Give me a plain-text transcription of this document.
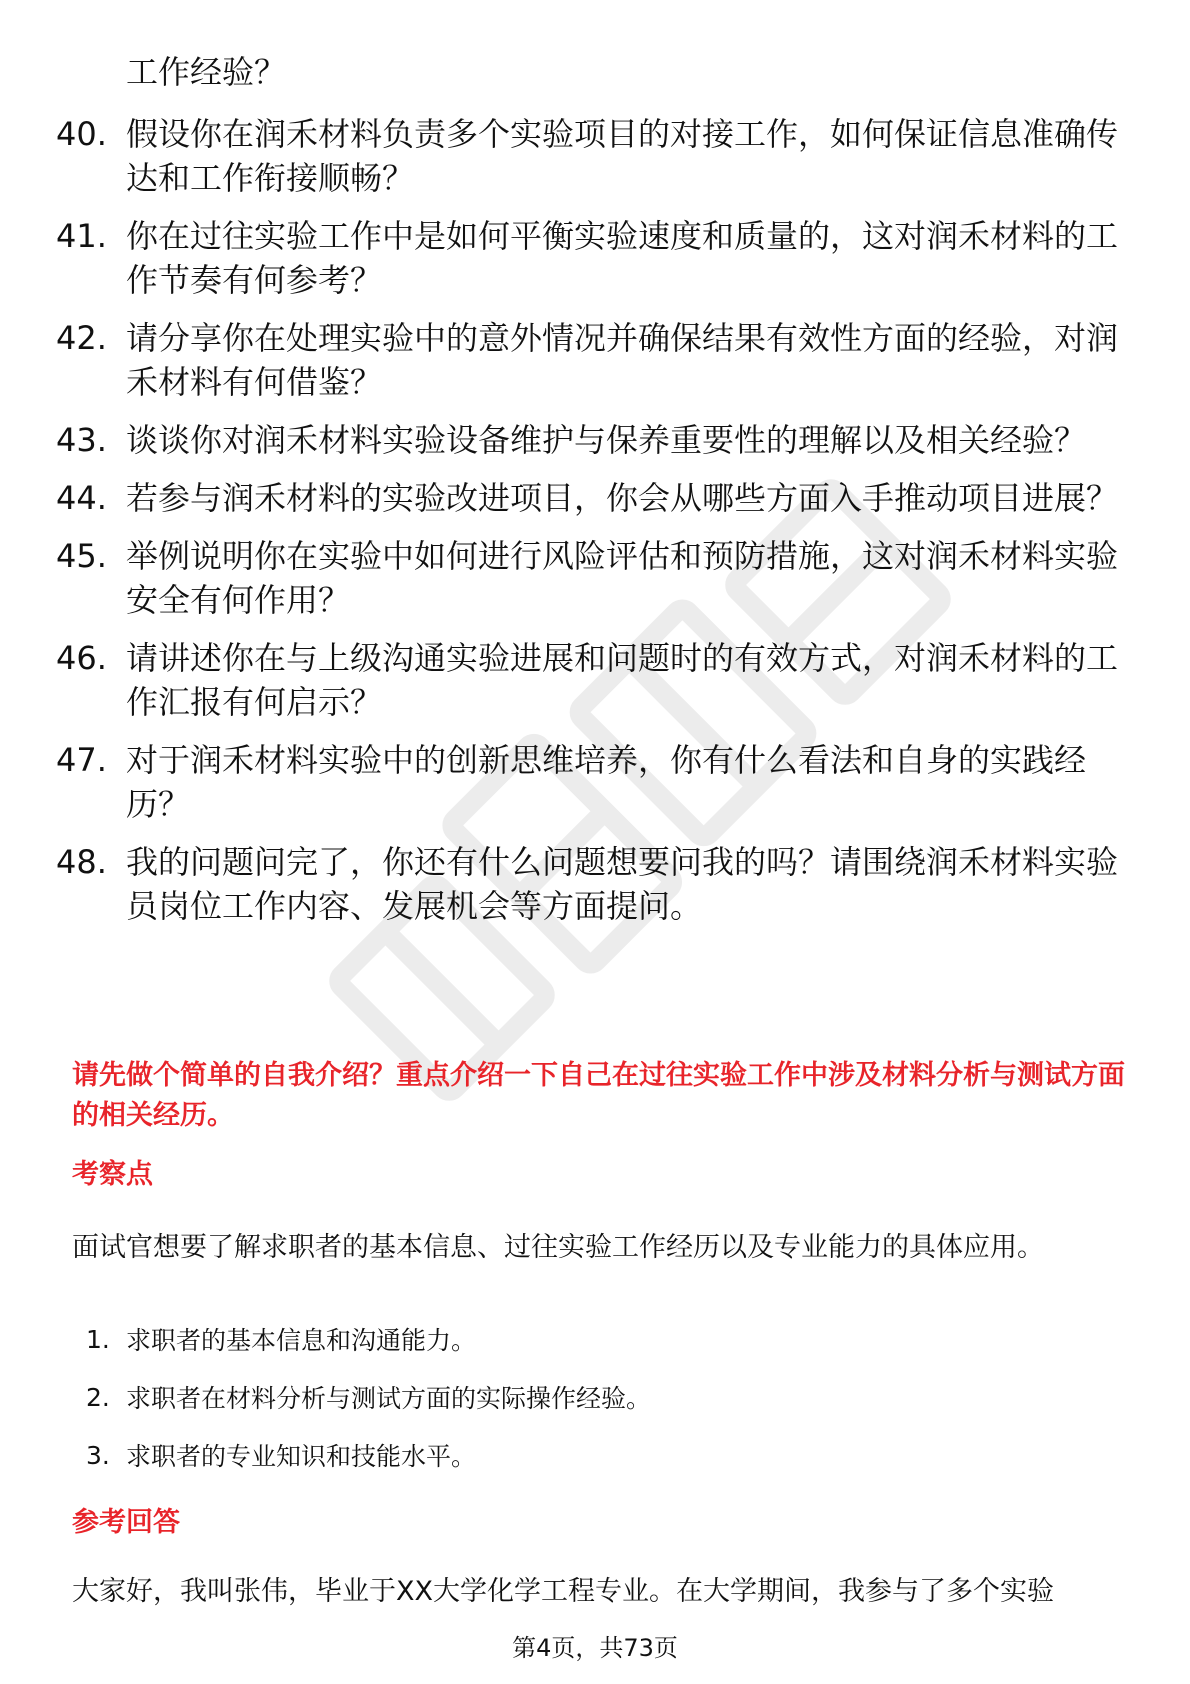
工作经验？
40. 假设你在润禾材料负责多个实验项目的对接工作，如何保证信息准确传达和工作衔接顺畅？
41. 你在过往实验工作中是如何平衡实验速度和质量的，这对润禾材料的工作节奏有何参考？
42. 请分享你在处理实验中的意外情况并确保结果有效性方面的经验，对润禾材料有何借鉴？
43. 谈谈你对润禾材料实验设备维护与保养重要性的理解以及相关经验？
44. 若参与润禾材料的实验改进项目，你会从哪些方面入手推动项目进展？
45. 举例说明你在实验中如何进行风险评估和预防措施，这对润禾材料实验安全有何作用？
46. 请讲述你在与上级沟通实验进展和问题时的有效方式，对润禾材料的工作汇报有何启示？
47. 对于润禾材料实验中的创新思维培养，你有什么看法和自身的实践经历？
48. 我的问题问完了，你还有什么问题想要问我的吗？请围绕润禾材料实验员岗位工作内容、发展机会等方面提问。
请先做个简单的自我介绍？重点介绍一下自己在过往实验工作中涉及材料分析与测试方面的相关经历。
考察点
面试官想要了解求职者的基本信息、过往实验工作经历以及专业能力的具体应用。
1. 求职者的基本信息和沟通能力。
2. 求职者在材料分析与测试方面的实际操作经验。
3. 求职者的专业知识和技能水平。
参考回答
大家好，我叫张伟，毕业于XX大学化学工程专业。在大学期间，我参与了多个实验
第4页，共73页
